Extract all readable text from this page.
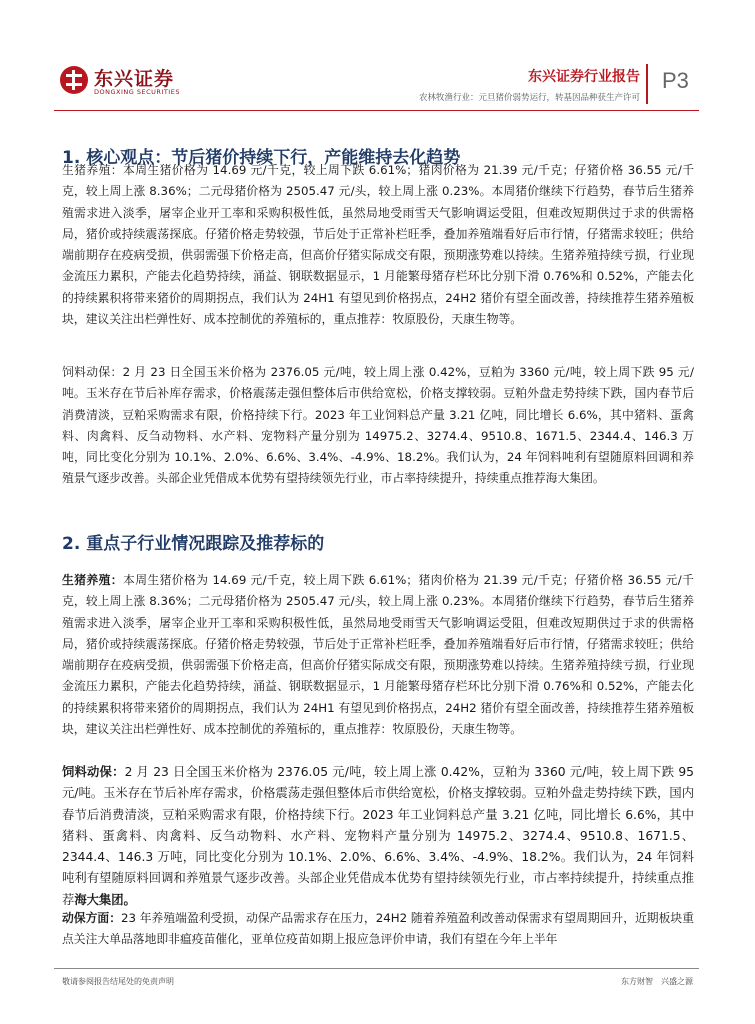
东兴证券
DONGXING SECURITIES
东兴证券行业报告
农林牧渔行业：元旦猪价弱势运行，转基因品种获生产许可
P3
1. 核心观点：节后猪价持续下行，产能维持去化趋势

生猪养殖：本周生猪价格为 14.69 元/千克，较上周下跌 6.61%；猪肉价格为 21.39 元/千克；仔猪价格 36.55 元/千克，较上周上涨 8.36%；二元母猪价格为 2505.47 元/头，较上周上涨 0.23%。本周猪价继续下行趋势，春节后生猪养殖需求进入淡季，屠宰企业开工率和采购积极性低，虽然局地受雨雪天气影响调运受阻，但难改短期供过于求的供需格局，猪价或持续震荡探底。仔猪价格走势较强，节后处于正常补栏旺季，叠加养殖端看好后市行情，仔猪需求较旺；供给端前期存在疫病受损，供弱需强下价格走高，但高价仔猪实际成交有限，预期涨势难以持续。生猪养殖持续亏损，行业现金流压力累积，产能去化趋势持续，涌益、钢联数据显示，1 月能繁母猪存栏环比分别下滑 0.76%和 0.52%，产能去化的持续累积将带来猪价的周期拐点，我们认为 24H1 有望见到价格拐点，24H2 猪价有望全面改善，持续推荐生猪养殖板块，建议关注出栏弹性好、成本控制优的养殖标的，重点推荐：牧原股份，天康生物等。

饲料动保：2 月 23 日全国玉米价格为 2376.05 元/吨，较上周上涨 0.42%，豆粕为 3360 元/吨，较上周下跌 95 元/吨。玉米存在节后补库存需求，价格震荡走强但整体后市供给宽松，价格支撑较弱。豆粕外盘走势持续下跌，国内春节后消费清淡，豆粕采购需求有限，价格持续下行。2023 年工业饲料总产量 3.21 亿吨，同比增长 6.6%，其中猪料、蛋禽料、肉禽料、反刍动物料、水产料、宠物料产量分别为 14975.2、3274.4、9510.8、1671.5、2344.4、146.3 万吨，同比变化分别为 10.1%、2.0%、6.6%、3.4%、-4.9%、18.2%。我们认为，24 年饲料吨利有望随原料回调和养殖景气逐步改善。头部企业凭借成本优势有望持续领先行业，市占率持续提升，持续重点推荐海大集团。

2. 重点子行业情况跟踪及推荐标的

生猪养殖：本周生猪价格为 14.69 元/千克，较上周下跌 6.61%；猪肉价格为 21.39 元/千克；仔猪价格 36.55 元/千克，较上周上涨 8.36%；二元母猪价格为 2505.47 元/头，较上周上涨 0.23%。本周猪价继续下行趋势，春节后生猪养殖需求进入淡季，屠宰企业开工率和采购积极性低，虽然局地受雨雪天气影响调运受阻，但难改短期供过于求的供需格局，猪价或持续震荡探底。仔猪价格走势较强，节后处于正常补栏旺季，叠加养殖端看好后市行情，仔猪需求较旺；供给端前期存在疫病受损，供弱需强下价格走高，但高价仔猪实际成交有限，预期涨势难以持续。生猪养殖持续亏损，行业现金流压力累积，产能去化趋势持续，涌益、钢联数据显示，1 月能繁母猪存栏环比分别下滑 0.76%和 0.52%，产能去化的持续累积将带来猪价的周期拐点，我们认为 24H1 有望见到价格拐点，24H2 猪价有望全面改善，持续推荐生猪养殖板块，建议关注出栏弹性好、成本控制优的养殖标的，重点推荐：牧原股份，天康生物等。

饲料动保：2 月 23 日全国玉米价格为 2376.05 元/吨，较上周上涨 0.42%，豆粕为 3360 元/吨，较上周下跌 95 元/吨。玉米存在节后补库存需求，价格震荡走强但整体后市供给宽松，价格支撑较弱。豆粕外盘走势持续下跌，国内春节后消费清淡，豆粕采购需求有限，价格持续下行。2023 年工业饲料总产量 3.21 亿吨，同比增长 6.6%，其中猪料、蛋禽料、肉禽料、反刍动物料、水产料、宠物料产量分别为 14975.2、3274.4、9510.8、1671.5、2344.4、146.3 万吨，同比变化分别为 10.1%、2.0%、6.6%、3.4%、-4.9%、18.2%。我们认为，24 年饲料吨利有望随原料回调和养殖景气逐步改善。头部企业凭借成本优势有望持续领先行业，市占率持续提升，持续重点推荐海大集团。

动保方面：23 年养殖端盈利受损，动保产品需求存在压力，24H2 随着养殖盈利改善动保需求有望周期回升，近期板块重点关注大单品落地即非瘟疫苗催化，亚单位疫苗如期上报应急评价申请，我们有望在今年上半年

敬请参阅报告结尾处的免责声明	东方财智　兴盛之源
